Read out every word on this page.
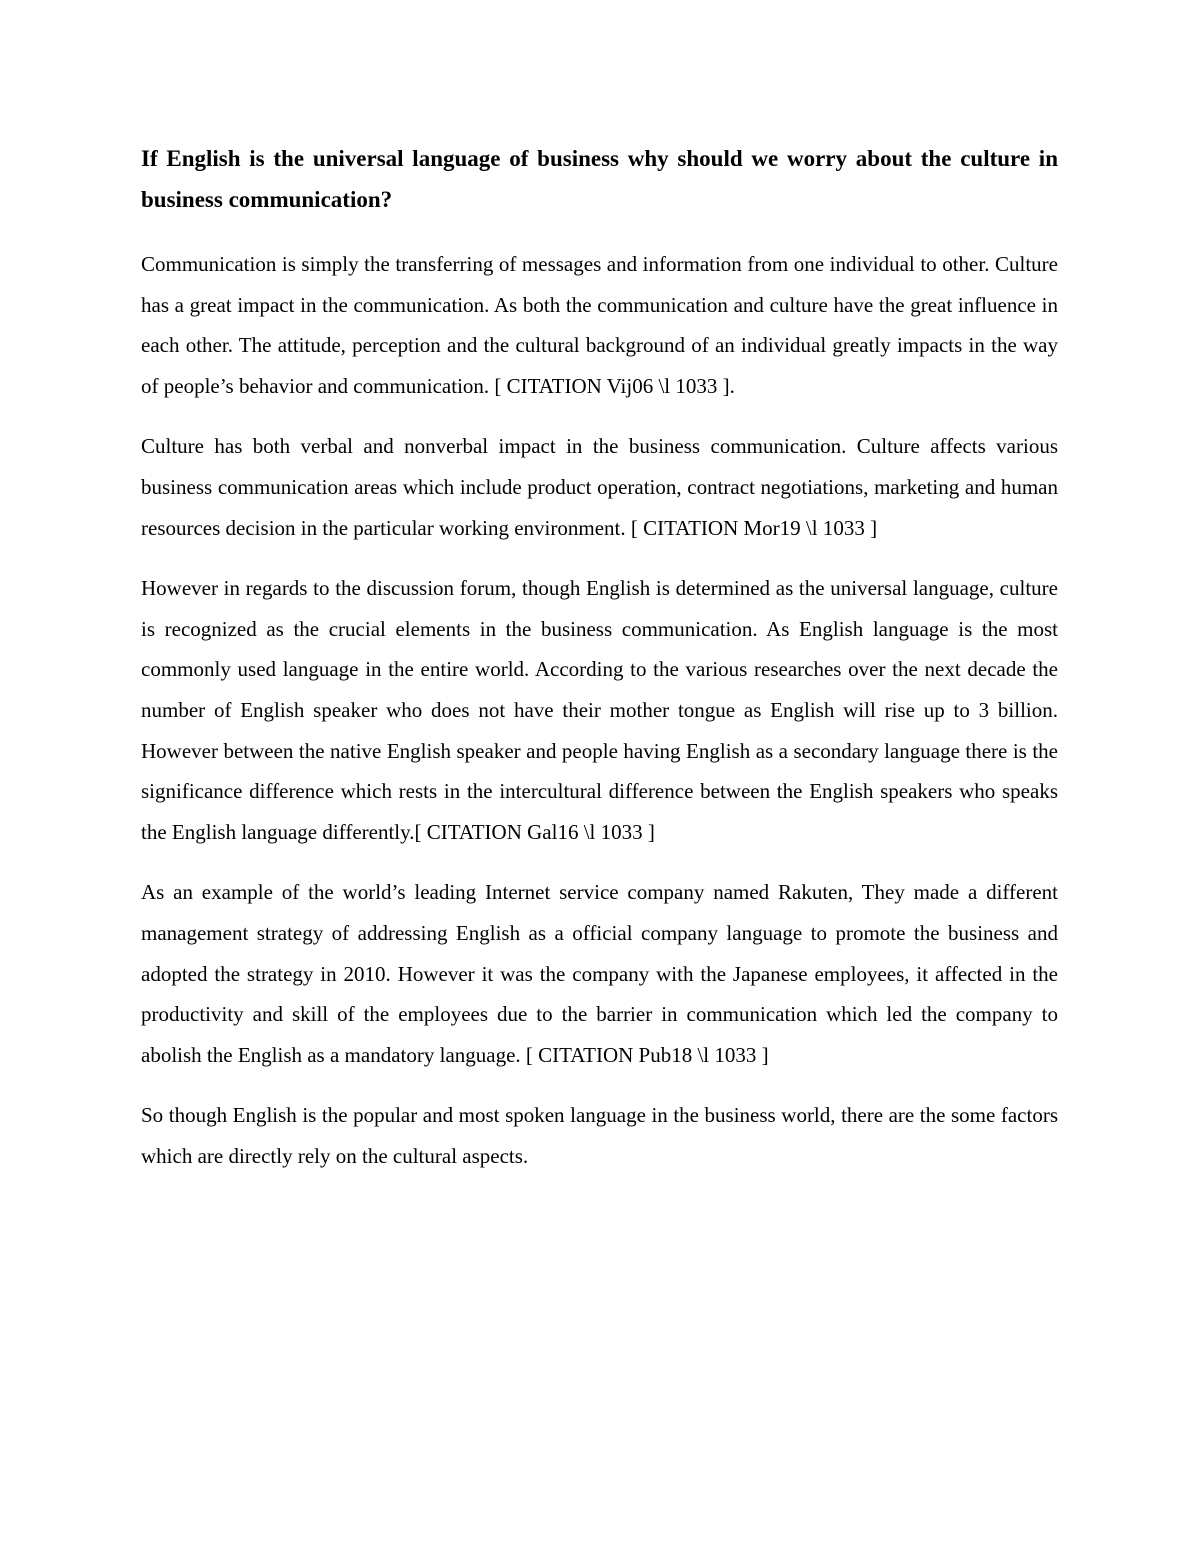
If English is the universal language of business why should we worry about the culture in business communication?

Communication is simply the transferring of messages and information from one individual to other. Culture has a great impact in the communication. As both the communication and culture have the great influence in each other. The attitude, perception and the cultural background of an individual greatly impacts in the way of people’s behavior and communication. [ CITATION Vij06 \l 1033 ].

Culture has both verbal and nonverbal impact in the business communication. Culture affects various business communication areas which include product operation, contract negotiations, marketing and human resources decision in the particular working environment. [ CITATION Mor19 \l 1033 ]

However in regards to the discussion forum, though English is determined as the universal language, culture is recognized as the crucial elements in the business communication. As English language is the most commonly used language in the entire world. According to the various researches over the next decade the number of English speaker who does not have their mother tongue as English will rise up to 3 billion. However between the native English speaker and people having English as a secondary language there is the significance difference which rests in the intercultural difference between the English speakers who speaks the English language differently.[ CITATION Gal16 \l 1033 ]

As an example of the world’s leading Internet service company named Rakuten, They made a different management strategy of addressing English as a official company language to promote the business and adopted the strategy in 2010. However it was the company with the Japanese employees, it affected in the productivity and skill of the employees due to the barrier in communication which led the company to abolish the English as a mandatory language. [ CITATION Pub18 \l 1033 ]

So though English is the popular and most spoken language in the business world, there are the some factors which are directly rely on the cultural aspects.
